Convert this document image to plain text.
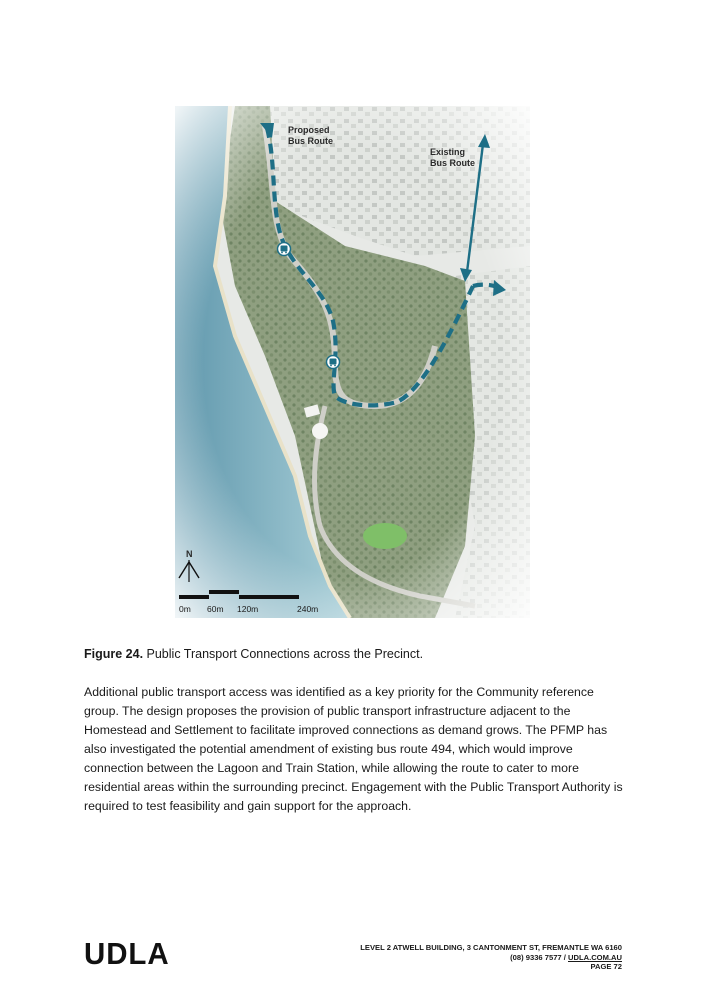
Proposed
Bus Route
Existing
Bus Route
N
0m 60m 120m	240m

Figure 24. Public Transport Connections across the Precinct.

Additional public transport access was identified as a key priority for the Community reference group. The design proposes the provision of public transport infrastructure adjacent to the Homestead and Settlement to facilitate improved connections as demand grows. The PFMP has also investigated the potential amendment of existing bus route 494, which would improve connection between the Lagoon and Train Station, while allowing the route to cater to more residential areas within the surrounding precinct. Engagement with the Public Transport Authority is required to test feasibility and gain support for the approach.

UDLA	LEVEL 2 ATWELL BUILDING, 3 CANTONMENT ST, FREMANTLE WA 6160
(08) 9336 7577 / UDLA.COM.AU
PAGE 72
